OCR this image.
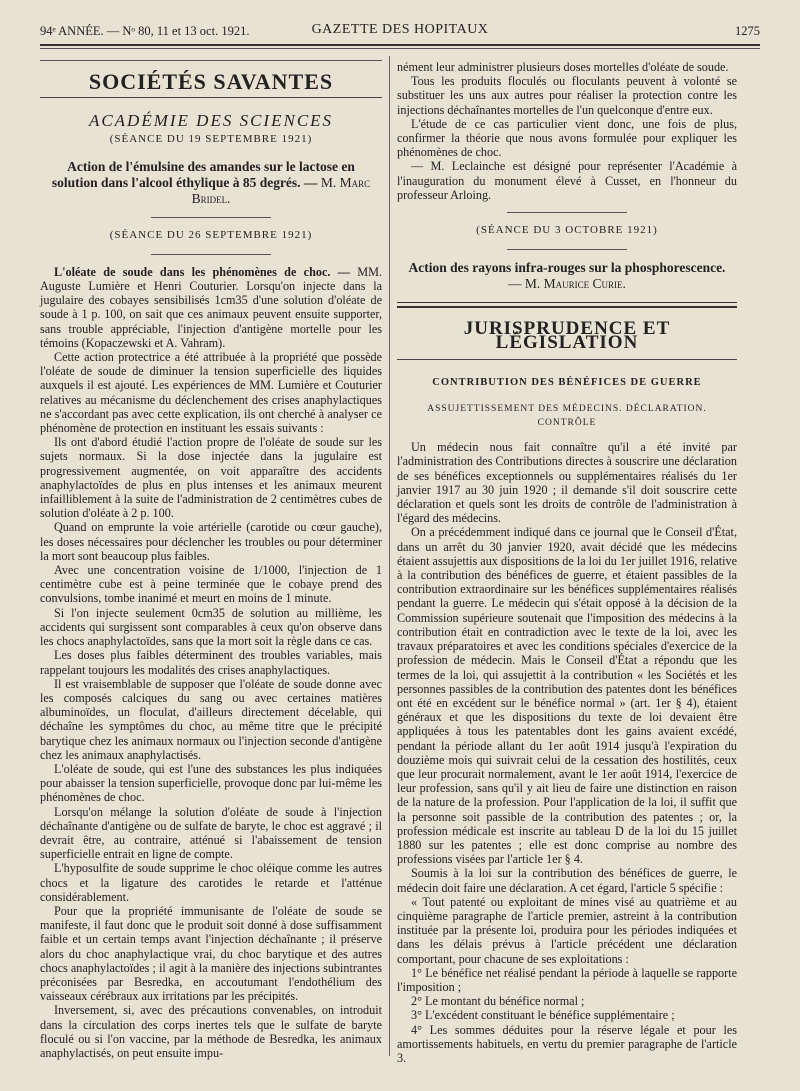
94ᵉ ANNÉE. — Nᵒ 80, 11 et 13 oct. 1921.	GAZETTE DES HOPITAUX	1275
SOCIÉTÉS SAVANTES
ACADÉMIE DES SCIENCES
(SÉANCE DU 19 SEPTEMBRE 1921)
Action de l'émulsine des amandes sur le lactose en solution dans l'alcool éthylique à 85 degrés. — M. Marc Bridel.
(SÉANCE DU 26 SEPTEMBRE 1921)

L'oléate de soude dans les phénomènes de choc. — MM. Auguste Lumière et Henri Couturier. Lorsqu'on injecte dans la jugulaire des cobayes sensibilisés 1cm35 d'une solution d'oléate de soude à 1 p. 100, on sait que ces animaux peuvent ensuite supporter, sans trouble appréciable, l'injection d'antigène mortelle pour les témoins (Kopaczewski et A. Vahram).

Cette action protectrice a été attribuée à la propriété que possède l'oléate de soude de diminuer la tension superficielle des liquides auxquels il est ajouté. Les expériences de MM. Lumière et Couturier relatives au mécanisme du déclenchement des crises anaphylactiques ne s'accordant pas avec cette explication, ils ont cherché à analyser ce phénomène de protection en instituant les essais suivants :

Ils ont d'abord étudié l'action propre de l'oléate de soude sur les sujets normaux. Si la dose injectée dans la jugulaire est progressivement augmentée, on voit apparaître des accidents anaphylactoïdes de plus en plus intenses et les animaux meurent infailliblement à la suite de l'administration de 2 centimètres cubes de solution d'oléate à 2 p. 100.

Quand on emprunte la voie artérielle (carotide ou cœur gauche), les doses nécessaires pour déclencher les troubles ou pour déterminer la mort sont beaucoup plus faibles.

Avec une concentration voisine de 1/1000, l'injection de 1 centimètre cube est à peine terminée que le cobaye prend des convulsions, tombe inanimé et meurt en moins de 1 minute.

Si l'on injecte seulement 0cm35 de solution au millième, les accidents qui surgissent sont comparables à ceux qu'on observe dans les chocs anaphylactoïdes, sans que la mort soit la règle dans ce cas.

Les doses plus faibles déterminent des troubles variables, mais rappelant toujours les modalités des crises anaphylactiques.

Il est vraisemblable de supposer que l'oléate de soude donne avec les composés calciques du sang ou avec certaines matières albuminoïdes, un floculat, d'ailleurs directement décelable, qui déchaîne les symptômes du choc, au même titre que le précipité barytique chez les animaux normaux ou l'injection seconde d'antigène chez les animaux anaphylactisés.

L'oléate de soude, qui est l'une des substances les plus indiquées pour abaisser la tension superficielle, provoque donc par lui-même les phénomènes de choc.

Lorsqu'on mélange la solution d'oléate de soude à l'injection déchaînante d'antigène ou de sulfate de baryte, le choc est aggravé ; il devrait être, au contraire, atténué si l'abaissement de tension superficielle entrait en ligne de compte.

L'hyposulfite de soude supprime le choc oléique comme les autres chocs et la ligature des carotides le retarde et l'atténue considérablement.

Pour que la propriété immunisante de l'oléate de soude se manifeste, il faut donc que le produit soit donné à dose suffisamment faible et un certain temps avant l'injection déchaînante ; il préserve alors du choc anaphylactique vrai, du choc barytique et des autres chocs anaphylactoïdes ; il agit à la manière des injections subintrantes préconisées par Besredka, en accoutumant l'endothélium des vaisseaux cérébraux aux irritations par les précipités.

Inversement, si, avec des précautions convenables, on introduit dans la circulation des corps inertes tels que le sulfate de baryte floculé ou si l'on vaccine, par la méthode de Besredka, les animaux anaphylactisés, on peut ensuite impu-

nément leur administrer plusieurs doses mortelles d'oléate de soude.

Tous les produits floculés ou floculants peuvent à volonté se substituer les uns aux autres pour réaliser la protection contre les injections déchaînantes mortelles de l'un quelconque d'entre eux.

L'étude de ce cas particulier vient donc, une fois de plus, confirmer la théorie que nous avons formulée pour expliquer les phénomènes de choc.

— M. Leclainche est désigné pour représenter l'Académie à l'inauguration du monument élevé à Cusset, en l'honneur du professeur Arloing.

(SÉANCE DU 3 OCTOBRE 1921)
Action des rayons infra-rouges sur la phosphorescence. — M. Maurice Curie.
JURISPRUDENCE ET LÉGISLATION
CONTRIBUTION DES BÉNÉFICES DE GUERRE
ASSUJETTISSEMENT DES MÉDECINS. DÉCLARATION. CONTRÔLE

Un médecin nous fait connaître qu'il a été invité par l'administration des Contributions directes à souscrire une déclaration de ses bénéfices exceptionnels ou supplémentaires réalisés du 1er janvier 1917 au 30 juin 1920 ; il demande s'il doit souscrire cette déclaration et quels sont les droits de contrôle de l'administration à l'égard des médecins.

On a précédemment indiqué dans ce journal que le Conseil d'État, dans un arrêt du 30 janvier 1920, avait décidé que les médecins étaient assujettis aux dispositions de la loi du 1er juillet 1916, relative à la contribution des bénéfices de guerre, et étaient passibles de la contribution extraordinaire sur les bénéfices supplémentaires réalisés pendant la guerre. Le médecin qui s'était opposé à la décision de la Commission supérieure soutenait que l'imposition des médecins à la contribution était en contradiction avec le texte de la loi, avec les travaux préparatoires et avec les conditions spéciales d'exercice de la profession de médecin. Mais le Conseil d'État a répondu que les termes de la loi, qui assujettit à la contribution « les Sociétés et les personnes passibles de la contribution des patentes dont les bénéfices ont été en excédent sur le bénéfice normal » (art. 1er § 4), étaient généraux et que les dispositions du texte de loi devaient être appliquées à tous les patentables dont les gains avaient excédé, pendant la période allant du 1er août 1914 jusqu'à l'expiration du douzième mois qui suivrait celui de la cessation des hostilités, ceux que leur procurait normalement, avant le 1er août 1914, l'exercice de leur profession, sans qu'il y ait lieu de faire une distinction en raison de la nature de la profession. Pour l'application de la loi, il suffit que la personne soit passible de la contribution des patentes ; or, la profession médicale est inscrite au tableau D de la loi du 15 juillet 1880 sur les patentes ; elle est donc comprise au nombre des professions visées par l'article 1er § 4.

Soumis à la loi sur la contribution des bénéfices de guerre, le médecin doit faire une déclaration. A cet égard, l'article 5 spécifie :

« Tout patenté ou exploitant de mines visé au quatrième et au cinquième paragraphe de l'article premier, astreint à la contribution instituée par la présente loi, produira pour les périodes indiquées et dans les délais prévus à l'article précédent une déclaration comportant, pour chacune de ses exploitations :

1° Le bénéfice net réalisé pendant la période à laquelle se rapporte l'imposition ;

2° Le montant du bénéfice normal ;

3° L'excédent constituant le bénéfice supplémentaire ;

4° Les sommes déduites pour la réserve légale et pour les amortissements habituels, en vertu du premier paragraphe de l'article 3.
